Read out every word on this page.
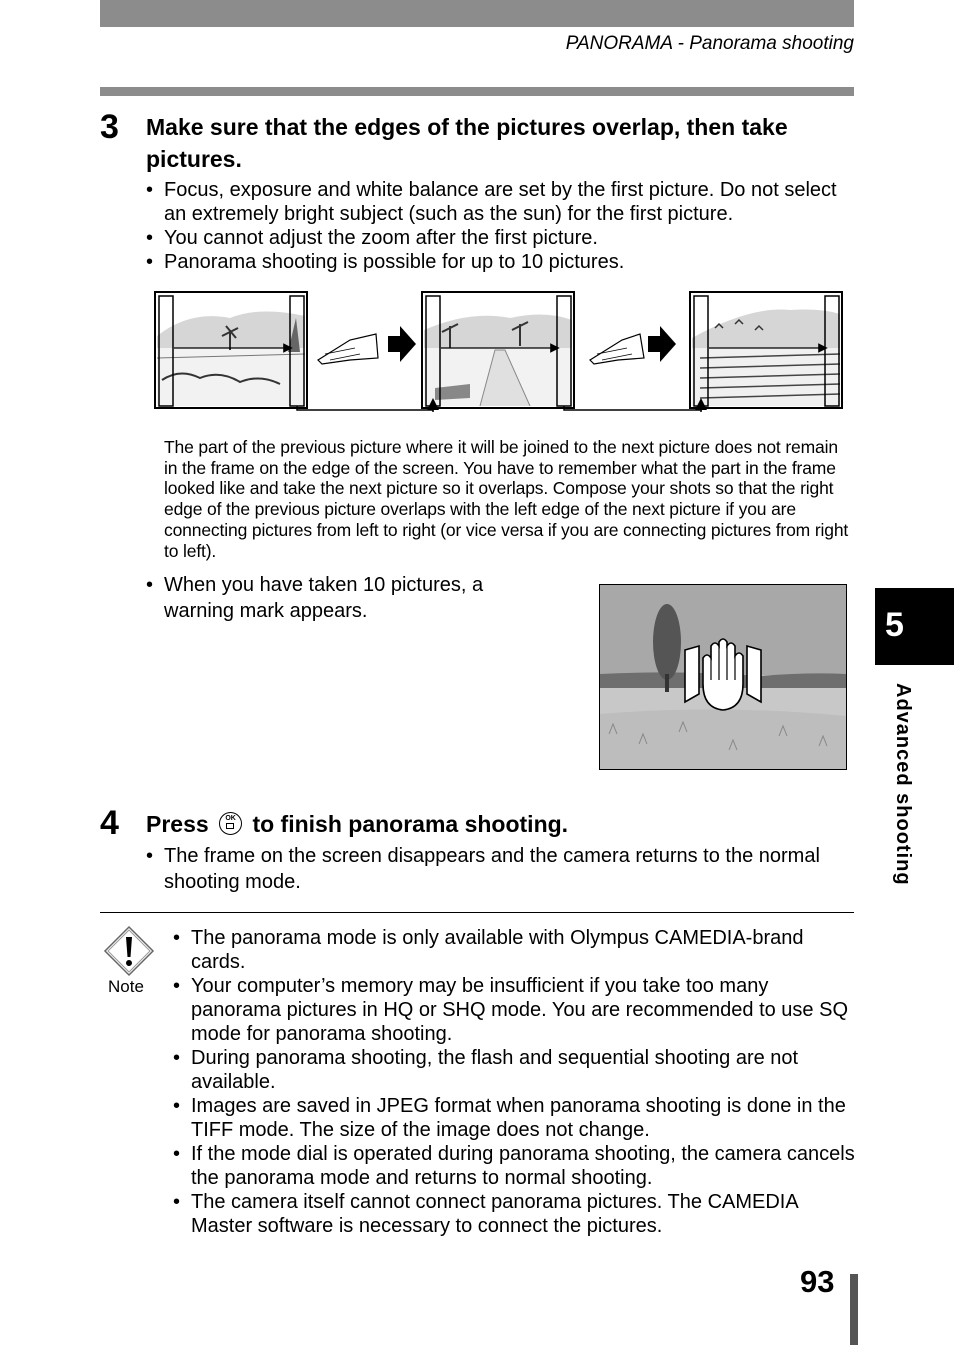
PANORAMA - Panorama shooting
3 Make sure that the edges of the pictures overlap, then take pictures.
• Focus, exposure and white balance are set by the first picture. Do not select an extremely bright subject (such as the sun) for the first picture.
• You cannot adjust the zoom after the first picture.
• Panorama shooting is possible for up to 10 pictures.
The part of the previous picture where it will be joined to the next picture does not remain in the frame on the edge of the screen. You have to remember what the part in the frame looked like and take the next picture so it overlaps. Compose your shots so that the right edge of the previous picture overlaps with the left edge of the next picture if you are connecting pictures from left to right (or vice versa if you are connecting pictures from right to left).
• When you have taken 10 pictures, a warning mark appears.
4 Press	OK to finish panorama shooting.
• The frame on the screen disappears and the camera returns to the normal shooting mode.
Note
• The panorama mode is only available with Olympus CAMEDIA-brand cards.
• Your computer’s memory may be insufficient if you take too many panorama pictures in HQ or SHQ mode. You are recommended to use SQ mode for panorama shooting.
• During panorama shooting, the flash and sequential shooting are not available.
• Images are saved in JPEG format when panorama shooting is done in the TIFF mode. The size of the image does not change.
• If the mode dial is operated during panorama shooting, the camera cancels the panorama mode and returns to normal shooting.
• The camera itself cannot connect panorama pictures. The CAMEDIA Master software is necessary to connect the pictures.
5
Advanced shooting
93
